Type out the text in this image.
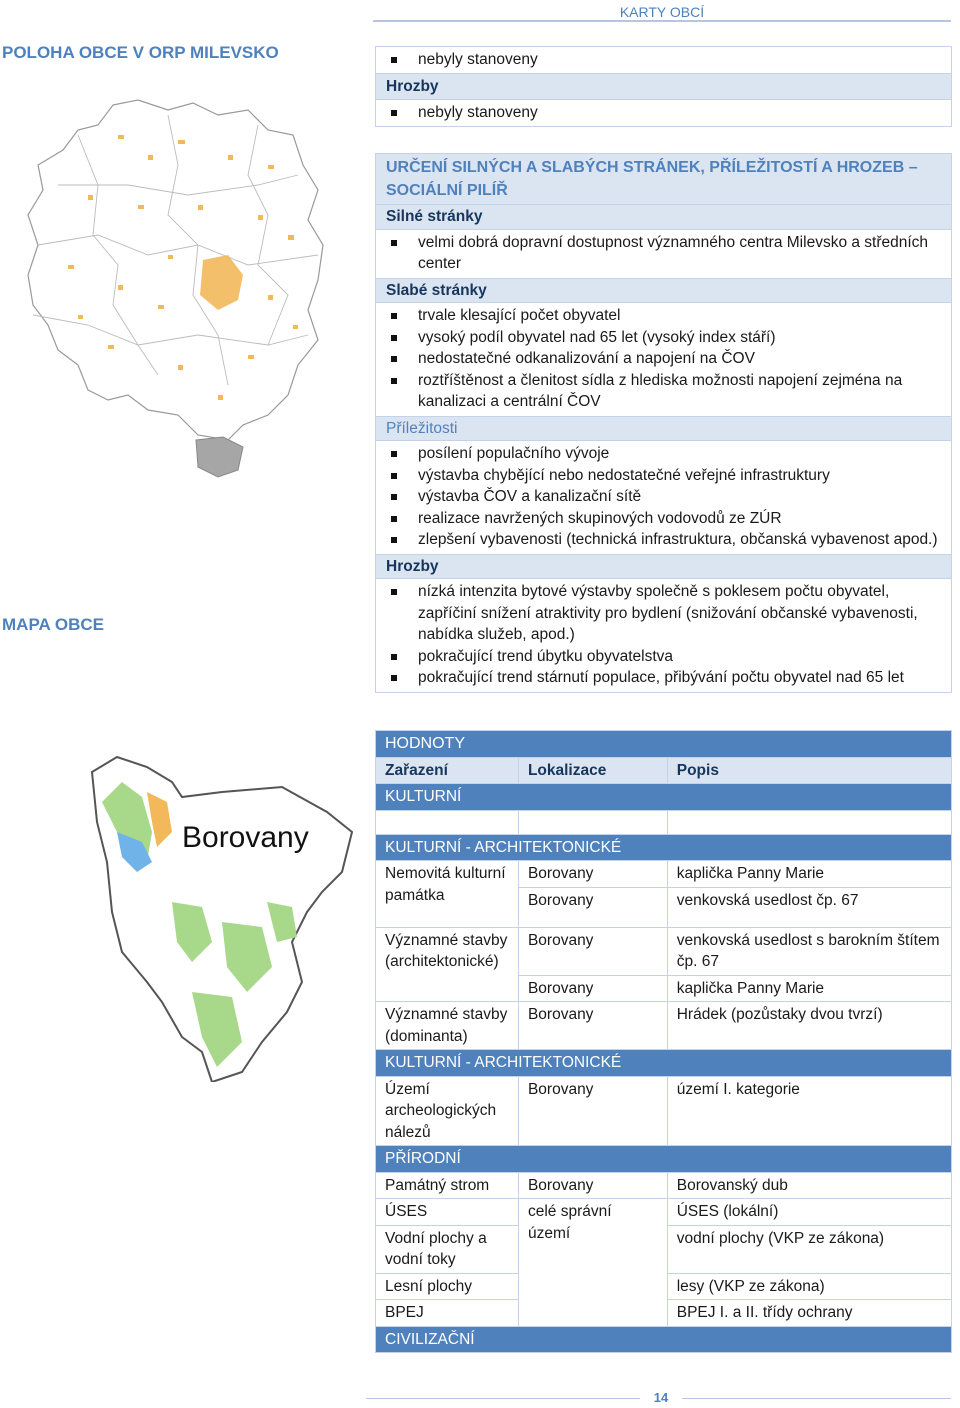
KARTY OBCÍ
POLOHA OBCE V ORP MILEVSKO
MAPA OBCE
Borovany
nebyly stanoveny
Hrozby
nebyly stanoveny
URČENÍ SILNÝCH A SLABÝCH STRÁNEK, PŘÍLEŽITOSTÍ A HROZEB – SOCIÁLNÍ PILÍŘ
Silné stránky
velmi dobrá dopravní dostupnost významného centra Milevsko a středních center
Slabé stránky
trvale klesající počet obyvatel
vysoký podíl obyvatel nad 65 let (vysoký index stáří)
nedostatečné odkanalizování a napojení na ČOV
roztříštěnost a členitost sídla z hlediska možnosti napojení zejména na kanalizaci a centrální ČOV
Příležitosti
posílení populačního vývoje
výstavba chybějící nebo nedostatečné veřejné infrastruktury
výstavba ČOV a kanalizační sítě
realizace navržených skupinových vodovodů ze ZÚR
zlepšení vybavenosti (technická infrastruktura, občanská vybavenost apod.)
Hrozby
nízká intenzita bytové výstavby společně s poklesem počtu obyvatel, zapříčiní snížení atraktivity pro bydlení (snižování občanské vybavenosti, nabídka služeb, apod.)
pokračující trend úbytku obyvatelstva
pokračující trend stárnutí populace, přibývání počtu obyvatel nad 65 let
HODNOTY		
Zařazení	Lokalizace	Popis
KULTURNÍ		

KULTURNÍ - ARCHITEKTONICKÉ		
Nemovitá kulturní památka	Borovany	kaplička Panny Marie
	Borovany	venkovská usedlost čp. 67
Významné stavby (architektonické)	Borovany	venkovská usedlost s barokním štítem čp. 67
	Borovany	kaplička Panny Marie
Významné stavby (dominanta)	Borovany	Hrádek (pozůstaky dvou tvrzí)
KULTURNÍ - ARCHITEKTONICKÉ		
Území archeologických nálezů	Borovany	území I. kategorie
PŘÍRODNÍ		
Památný strom	Borovany	Borovanský dub
ÚSES	celé správní území	ÚSES (lokální)
Vodní plochy a vodní toky		vodní plochy (VKP ze zákona)
Lesní plochy		lesy (VKP ze zákona)
BPEJ		BPEJ I. a II. třídy ochrany
CIVILIZAČNÍ		
14
